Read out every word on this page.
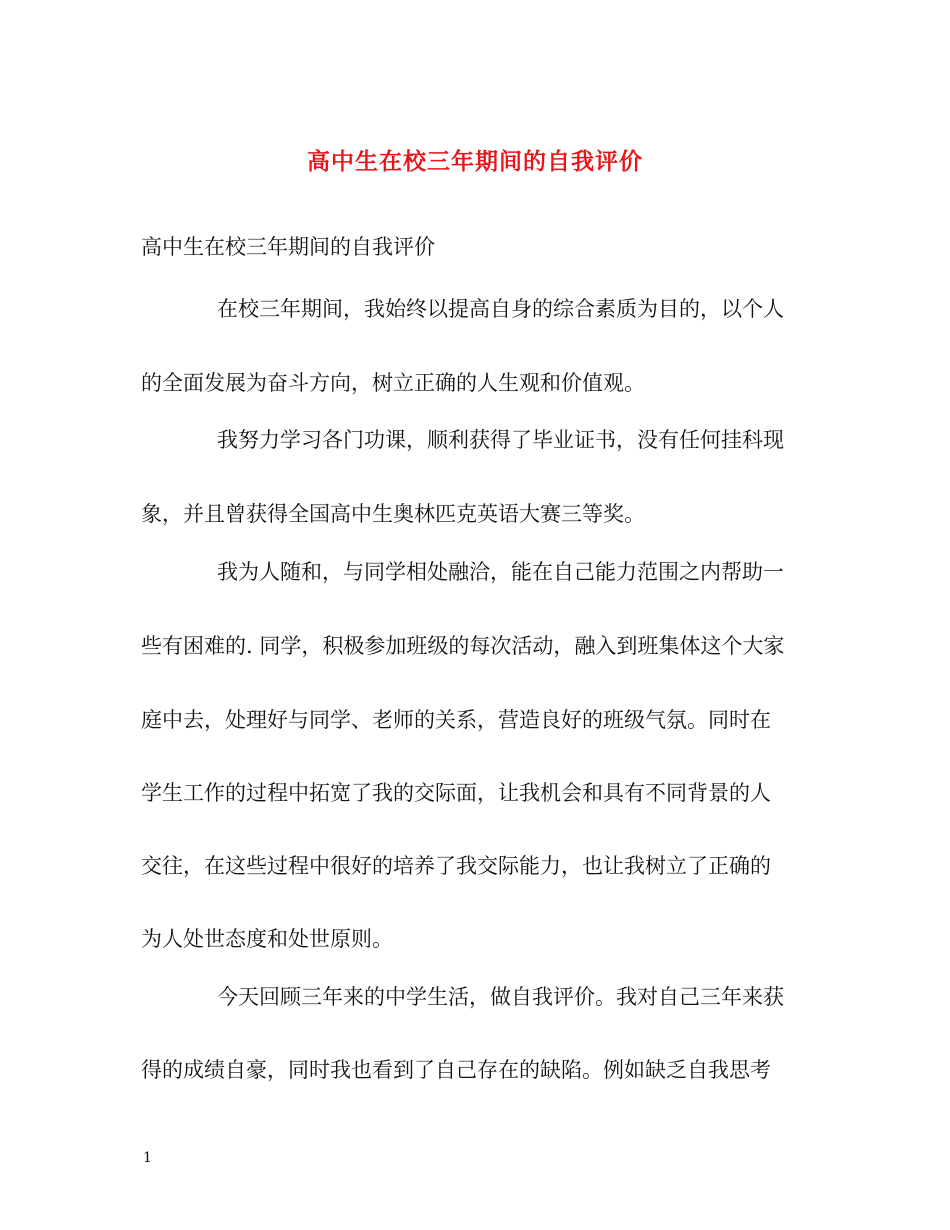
高中生在校三年期间的自我评价
高中生在校三年期间的自我评价
在校三年期间，我始终以提高自身的综合素质为目的，以个人
的全面发展为奋斗方向，树立正确的人生观和价值观。
我努力学习各门功课，顺利获得了毕业证书，没有任何挂科现
象，并且曾获得全国高中生奥林匹克英语大赛三等奖。
我为人随和，与同学相处融洽，能在自己能力范围之内帮助一
些有困难的. 同学，积极参加班级的每次活动，融入到班集体这个大家
庭中去，处理好与同学、老师的关系，营造良好的班级气氛。同时在
学生工作的过程中拓宽了我的交际面，让我机会和具有不同背景的人
交往，在这些过程中很好的培养了我交际能力，也让我树立了正确的
为人处世态度和处世原则。
今天回顾三年来的中学生活，做自我评价。我对自己三年来获
得的成绩自豪，同时我也看到了自己存在的缺陷。例如缺乏自我思考
1
